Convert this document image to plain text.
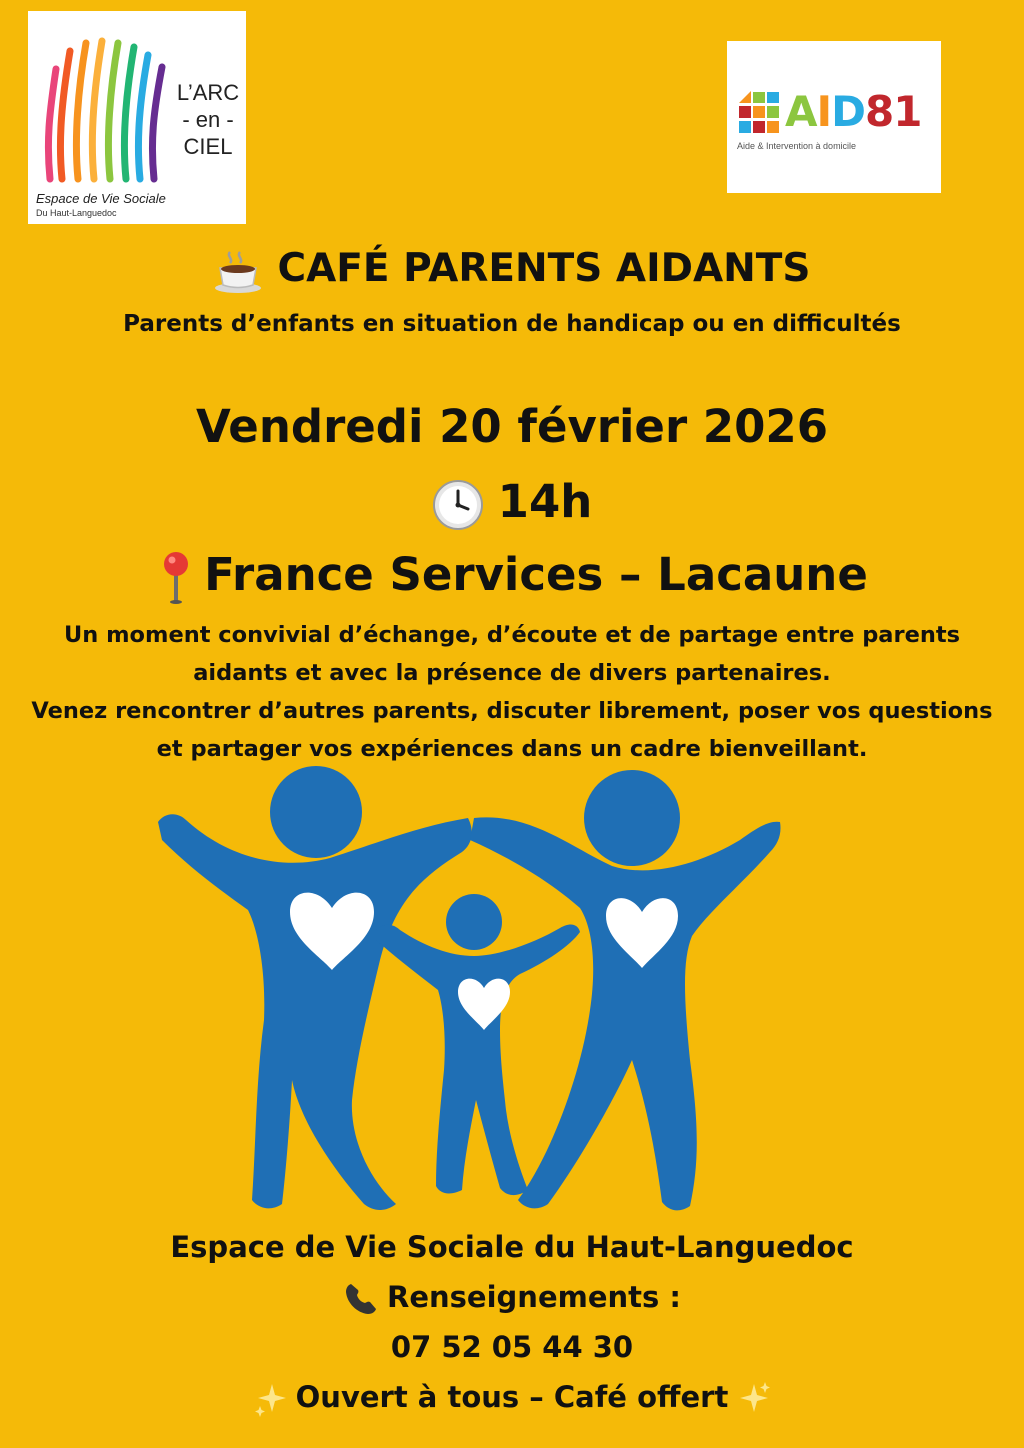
L’ARC
- en -
CIEL
Espace de Vie Sociale
Du Haut-Languedoc
AID81
Aide & Intervention à domicile
CAFÉ PARENTS AIDANTS
Parents d’enfants en situation de handicap ou en difficultés
Vendredi 20 février 2026
14h
France Services – Lacaune
Un moment convivial d’échange, d’écoute et de partage entre parents
aidants et avec la présence de divers partenaires.
Venez rencontrer d’autres parents, discuter librement, poser vos questions
et partager vos expériences dans un cadre bienveillant.
Espace de Vie Sociale du Haut-Languedoc
Renseignements :
07 52 05 44 30
Ouvert à tous – Café offert
